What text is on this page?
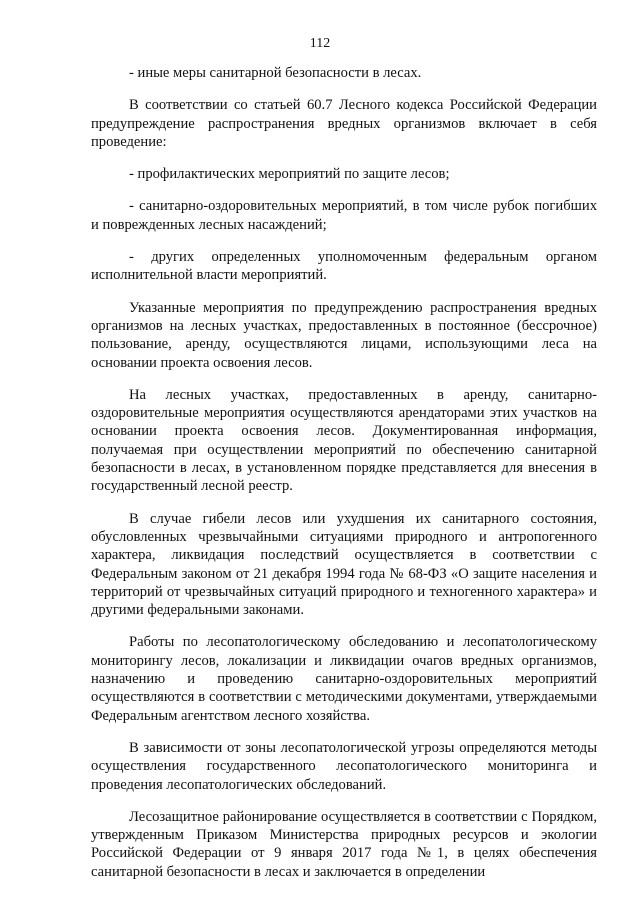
112

- иные меры санитарной безопасности в лесах.

В соответствии со статьей 60.7 Лесного кодекса Российской Федерации предупреждение распространения вредных организмов включает в себя проведение:

- профилактических мероприятий по защите лесов;

- санитарно-оздоровительных мероприятий, в том числе рубок погибших и поврежденных лесных насаждений;

- других определенных уполномоченным федеральным органом исполнительной власти мероприятий.

Указанные мероприятия по предупреждению распространения вредных организмов на лесных участках, предоставленных в постоянное (бессрочное) пользование, аренду, осуществляются лицами, использующими леса на основании проекта освоения лесов.

На лесных участках, предоставленных в аренду, санитарно-оздоровительные мероприятия осуществляются арендаторами этих участков на основании проекта освоения лесов. Документированная информация, получаемая при осуществлении мероприятий по обеспечению санитарной безопасности в лесах, в установленном порядке представляется для внесения в государственный лесной реестр.

В случае гибели лесов или ухудшения их санитарного состояния, обусловленных чрезвычайными ситуациями природного и антропогенного характера, ликвидация последствий осуществляется в соответствии с Федеральным законом от 21 декабря 1994 года № 68-ФЗ «О защите населения и территорий от чрезвычайных ситуаций природного и техногенного характера» и другими федеральными законами.

Работы по лесопатологическому обследованию и лесопатологическому мониторингу лесов, локализации и ликвидации очагов вредных организмов, назначению и проведению санитарно-оздоровительных мероприятий осуществляются в соответствии с методическими документами, утверждаемыми Федеральным агентством лесного хозяйства.

В зависимости от зоны лесопатологической угрозы определяются методы осуществления государственного лесопатологического мониторинга и проведения лесопатологических обследований.

Лесозащитное районирование осуществляется в соответствии с Порядком, утвержденным Приказом Министерства природных ресурсов и экологии Российской Федерации от 9 января 2017 года №1, в целях обеспечения санитарной безопасности в лесах и заключается в определении
